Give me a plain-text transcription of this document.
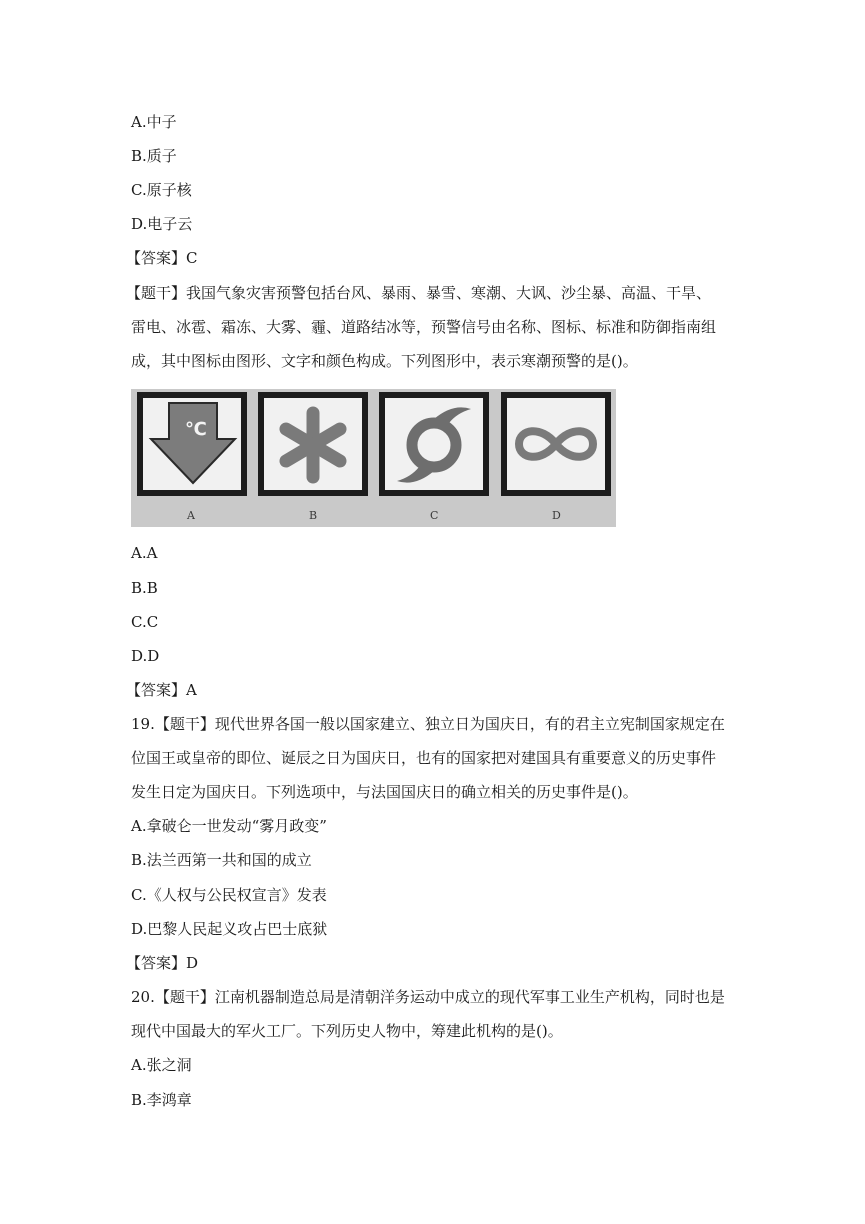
A.中子
B.质子
C.原子核
D.电子云
【答案】C
【题干】我国气象灾害预警包括台风、暴雨、暴雪、寒潮、大讽、沙尘暴、高温、干旱、
雷电、冰雹、霜冻、大雾、霾、道路结冰等，预警信号由名称、图标、标准和防御指南组
成，其中图标由图形、文字和颜色构成。下列图形中，表示寒潮预警的是()。
℃
A	B	C	D
A.A
B.B
C.C
D.D
【答案】A
19.【题干】现代世界各国一般以国家建立、独立日为国庆日，有的君主立宪制国家规定在
位国王或皇帝的即位、诞辰之日为国庆日，也有的国家把对建国具有重要意义的历史事件
发生日定为国庆日。下列选项中，与法国国庆日的确立相关的历史事件是()。
A.拿破仑一世发动“雾月政变”
B.法兰西第一共和国的成立
C.《人权与公民权宣言》发表
D.巴黎人民起义攻占巴士底狱
【答案】D
20.【题干】江南机器制造总局是清朝洋务运动中成立的现代军事工业生产机构，同时也是
现代中国最大的军火工厂。下列历史人物中，筹建此机构的是()。
A.张之洞
B.李鸿章
